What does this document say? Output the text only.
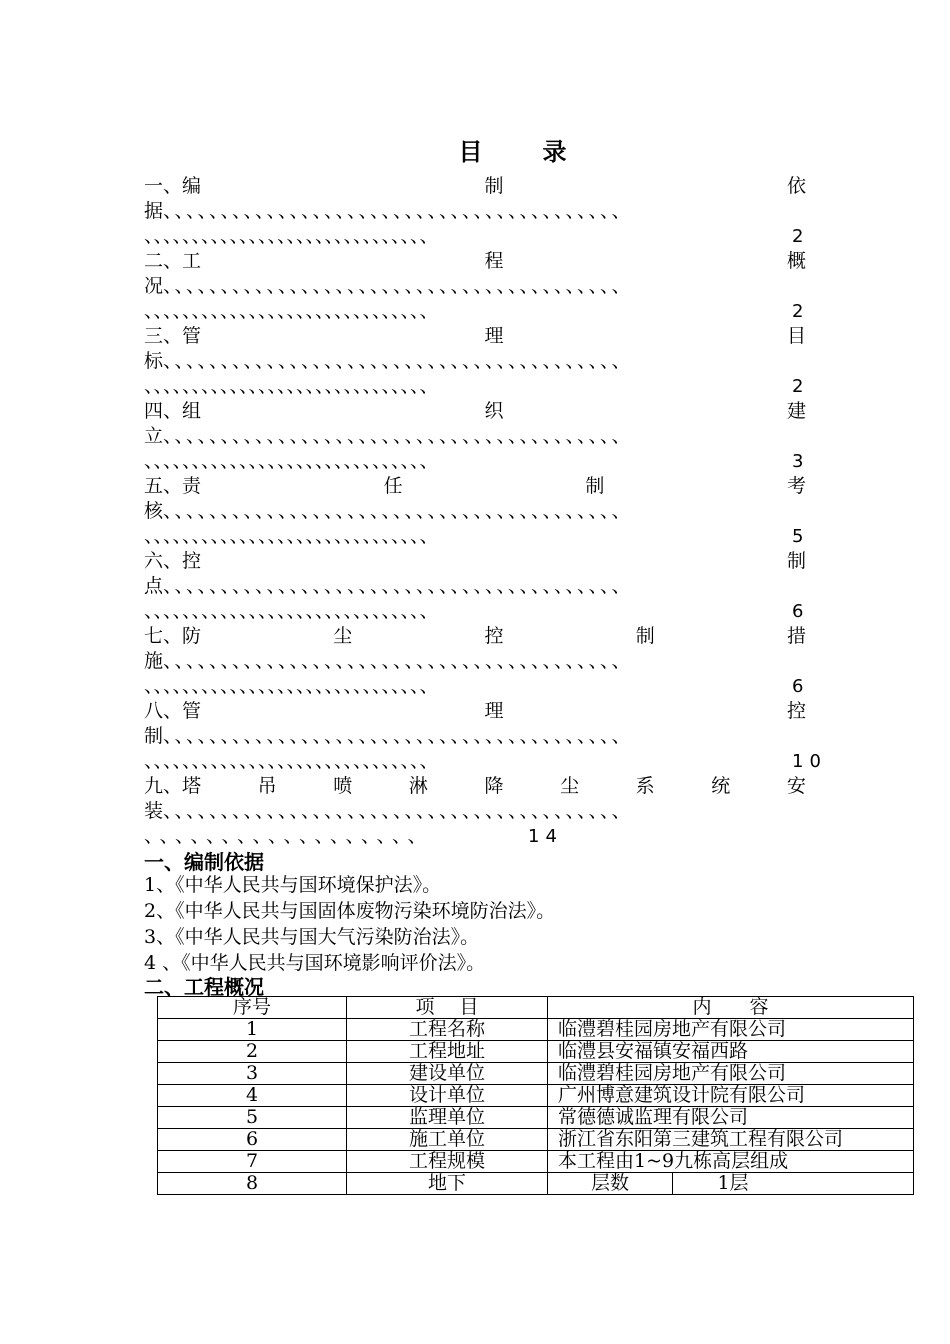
目	录
一、编	制	依
据、、、、、、、、、、、、、、、、、、、、、、、、、、、、、、、、、、、、、、、、
、、、、、、、、、、、、、、、、、、、、、、、、、、、、、、	2
二、工	程	概
况、、、、、、、、、、、、、、、、、、、、、、、、、、、、、、、、、、、、、、、、
、、、、、、、、、、、、、、、、、、、、、、、、、、、、、、	2
三、管	理	目
标、、、、、、、、、、、、、、、、、、、、、、、、、、、、、、、、、、、、、、、、
、、、、、、、、、、、、、、、、、、、、、、、、、、、、、、	2
四、组	织	建
立、、、、、、、、、、、、、、、、、、、、、、、、、、、、、、、、、、、、、、、、
、、、、、、、、、、、、、、、、、、、、、、、、、、、、、、	3
五、责	任	制	考
核、、、、、、、、、、、、、、、、、、、、、、、、、、、、、、、、、、、、、、、、
、、、、、、、、、、、、、、、、、、、、、、、、、、、、、、	5
六、控	制
点、、、、、、、、、、、、、、、、、、、、、、、、、、、、、、、、、、、、、、、、
、、、、、、、、、、、、、、、、、、、、、、、、、、、、、、	6
七、防	尘	控	制	措
施、、、、、、、、、、、、、、、、、、、、、、、、、、、、、、、、、、、、、、、、
、、、、、、、、、、、、、、、、、、、、、、、、、、、、、、	6
八、管	理	控
制、、、、、、、、、、、、、、、、、、、、、、、、、、、、、、、、、、、、、、、、
、、、、、、、、、、、、、、、、、、、、、、、、、、、、、、	10
九、塔	吊	喷	淋	降	尘	系	统	安
装、、、、、、、、、、、、、、、、、、、、、、、、、、、、、、、、、、、、、、、、
、、、、、、、、、、、、、、、、、、	14
一、编制依据
1、《中华人民共与国环境保护法》。
2、《中华人民共与国固体废物污染环境防治法》。
3、《中华人民共与国大气污染防治法》。
4 、《中华人民共与国环境影响评价法》。
二、工程概况
序号	项　 目	内　　容
1	工程名称	临澧碧桂园房地产有限公司
2	工程地址	临澧县安福镇安福西路
3	建设单位	临澧碧桂园房地产有限公司
4	设计单位	广州博意建筑设计院有限公司
5	监理单位	常德德诚监理有限公司
6	施工单位	浙江省东阳第三建筑工程有限公司
7	工程规模	本工程由1~9九栋高层组成
8	地下	层数 1层
